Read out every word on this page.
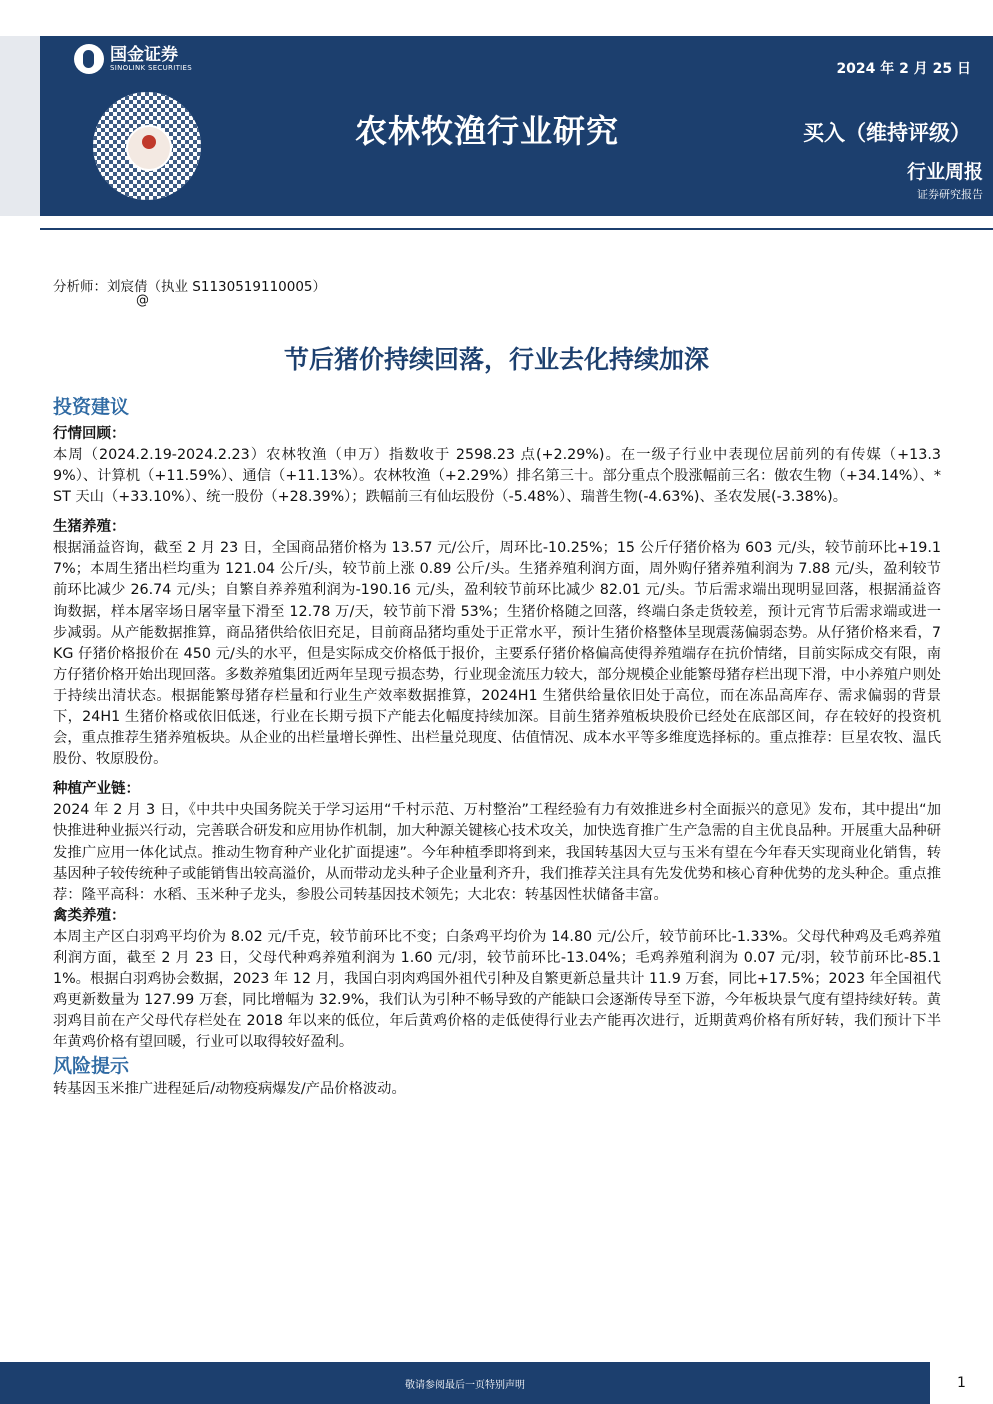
国金证券
SINOLINK SECURITIES	2024 年 2 月 25 日
农林牧渔行业研究	买入（维持评级）
行业周报
证券研究报告
分析师：刘宸倩（执业 S1130519110005）
@
节后猪价持续回落，行业去化持续加深
投资建议

行情回顾：

本周（2024.2.19-2024.2.23）农林牧渔（申万）指数收于 2598.23 点(+2.29%)。在一级子行业中表现位居前列的有传媒（+13.39%）、计算机（+11.59%）、通信（+11.13%）。农林牧渔（+2.29%）排名第三十。部分重点个股涨幅前三名：傲农生物（+34.14%）、*ST 天山（+33.10%）、统一股份（+28.39%）；跌幅前三有仙坛股份（-5.48%）、瑞普生物(-4.63%)、圣农发展(-3.38%)。

生猪养殖：

根据涌益咨询，截至 2 月 23 日，全国商品猪价格为 13.57 元/公斤，周环比-10.25%；15 公斤仔猪价格为 603 元/头，较节前环比+19.17%；本周生猪出栏均重为 121.04 公斤/头，较节前上涨 0.89 公斤/头。生猪养殖利润方面，周外购仔猪养殖利润为 7.88 元/头，盈利较节前环比减少 26.74 元/头；自繁自养养殖利润为-190.16 元/头，盈利较节前环比减少 82.01 元/头。节后需求端出现明显回落，根据涌益咨询数据，样本屠宰场日屠宰量下滑至 12.78 万/天，较节前下滑 53%；生猪价格随之回落，终端白条走货较差，预计元宵节后需求端或进一步减弱。从产能数据推算，商品猪供给依旧充足，目前商品猪均重处于正常水平，预计生猪价格整体呈现震荡偏弱态势。从仔猪价格来看，7KG 仔猪价格报价在 450 元/头的水平，但是实际成交价格低于报价，主要系仔猪价格偏高使得养殖端存在抗价情绪，目前实际成交有限，南方仔猪价格开始出现回落。多数养殖集团近两年呈现亏损态势，行业现金流压力较大，部分规模企业能繁母猪存栏出现下滑，中小养殖户则处于持续出清状态。根据能繁母猪存栏量和行业生产效率数据推算，2024H1 生猪供给量依旧处于高位，而在冻品高库存、需求偏弱的背景下，24H1 生猪价格或依旧低迷，行业在长期亏损下产能去化幅度持续加深。目前生猪养殖板块股价已经处在底部区间，存在较好的投资机会，重点推荐生猪养殖板块。从企业的出栏量增长弹性、出栏量兑现度、估值情况、成本水平等多维度选择标的。重点推荐：巨星农牧、温氏股份、牧原股份。

种植产业链：

2024 年 2 月 3 日，《中共中央国务院关于学习运用“千村示范、万村整治”工程经验有力有效推进乡村全面振兴的意见》发布，其中提出“加快推进种业振兴行动，完善联合研发和应用协作机制，加大种源关键核心技术攻关，加快选育推广生产急需的自主优良品种。开展重大品种研发推广应用一体化试点。推动生物育种产业化扩面提速”。今年种植季即将到来，我国转基因大豆与玉米有望在今年春天实现商业化销售，转基因种子较传统种子或能销售出较高溢价，从而带动龙头种子企业量利齐升，我们推荐关注具有先发优势和核心育种优势的龙头种企。重点推荐：隆平高科：水稻、玉米种子龙头，参股公司转基因技术领先；大北农：转基因性状储备丰富。

禽类养殖：

本周主产区白羽鸡平均价为 8.02 元/千克，较节前环比不变；白条鸡平均价为 14.80 元/公斤，较节前环比-1.33%。父母代种鸡及毛鸡养殖利润方面，截至 2 月 23 日，父母代种鸡养殖利润为 1.60 元/羽，较节前环比-13.04%；毛鸡养殖利润为 0.07 元/羽，较节前环比-85.11%。根据白羽鸡协会数据，2023 年 12 月，我国白羽肉鸡国外祖代引种及自繁更新总量共计 11.9 万套，同比+17.5%；2023 年全国祖代鸡更新数量为 127.99 万套，同比增幅为 32.9%，我们认为引种不畅导致的产能缺口会逐渐传导至下游，今年板块景气度有望持续好转。黄羽鸡目前在产父母代存栏处在 2018 年以来的低位，年后黄鸡价格的走低使得行业去产能再次进行，近期黄鸡价格有所好转，我们预计下半年黄鸡价格有望回暖，行业可以取得较好盈利。

风险提示

转基因玉米推广进程延后/动物疫病爆发/产品价格波动。

敬请参阅最后一页特别声明	1
